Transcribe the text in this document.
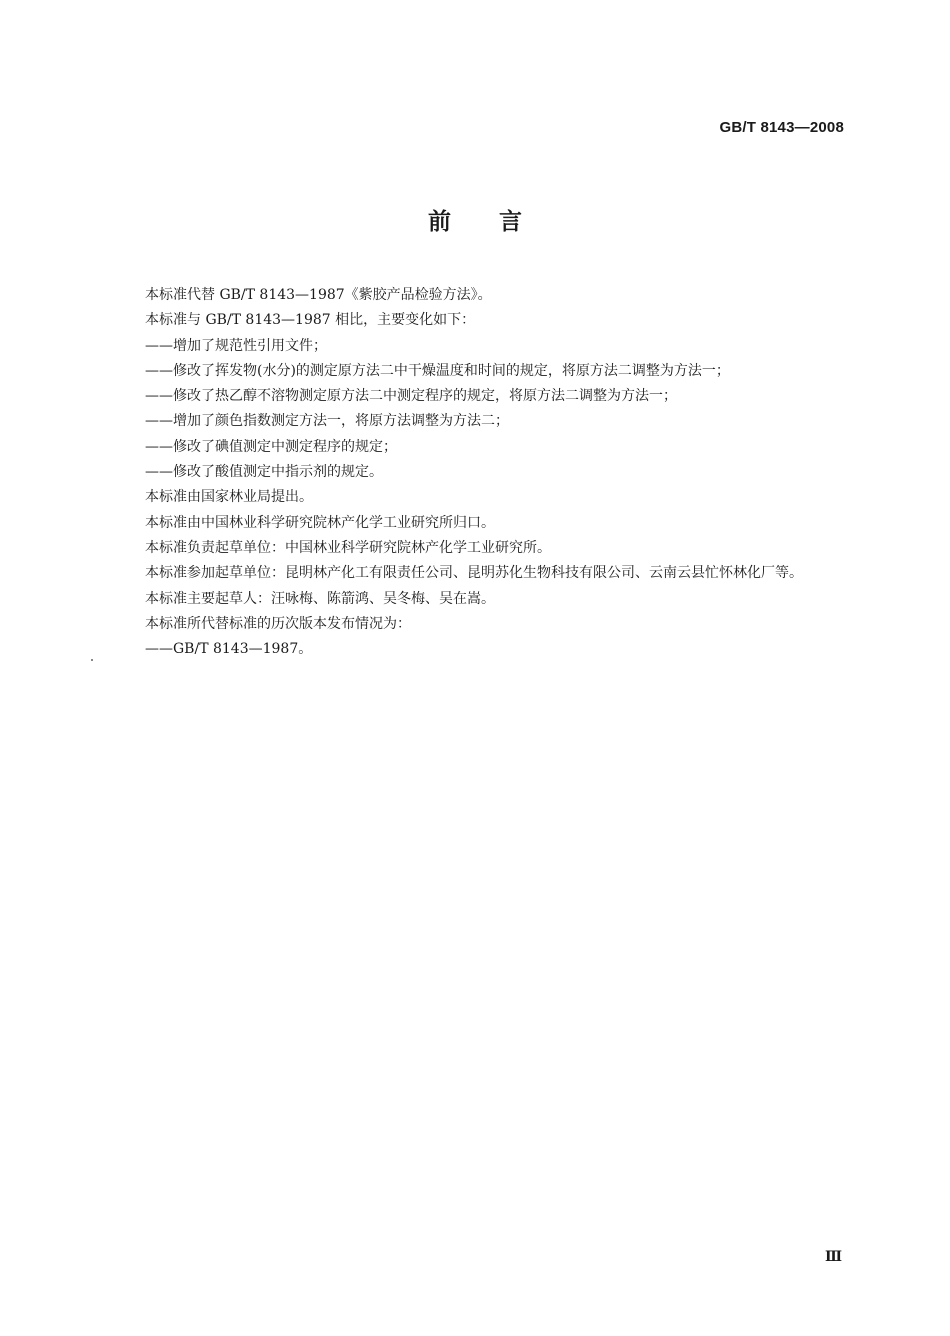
GB/T 8143—2008
前言

本标准代替 GB/T 8143—1987《紫胶产品检验方法》。

本标准与 GB/T 8143—1987 相比，主要变化如下：

——增加了规范性引用文件；

——修改了挥发物(水分)的测定原方法二中干燥温度和时间的规定，将原方法二调整为方法一；

——修改了热乙醇不溶物测定原方法二中测定程序的规定，将原方法二调整为方法一；

——增加了颜色指数测定方法一，将原方法调整为方法二；

——修改了碘值测定中测定程序的规定；

——修改了酸值测定中指示剂的规定。

本标准由国家林业局提出。

本标准由中国林业科学研究院林产化学工业研究所归口。

本标准负责起草单位：中国林业科学研究院林产化学工业研究所。

本标准参加起草单位：昆明林产化工有限责任公司、昆明苏化生物科技有限公司、云南云县忙怀林化厂等。

本标准主要起草人：汪咏梅、陈箭鸿、吴冬梅、吴在嵩。

本标准所代替标准的历次版本发布情况为：

——GB/T 8143—1987。

Ⅲ
